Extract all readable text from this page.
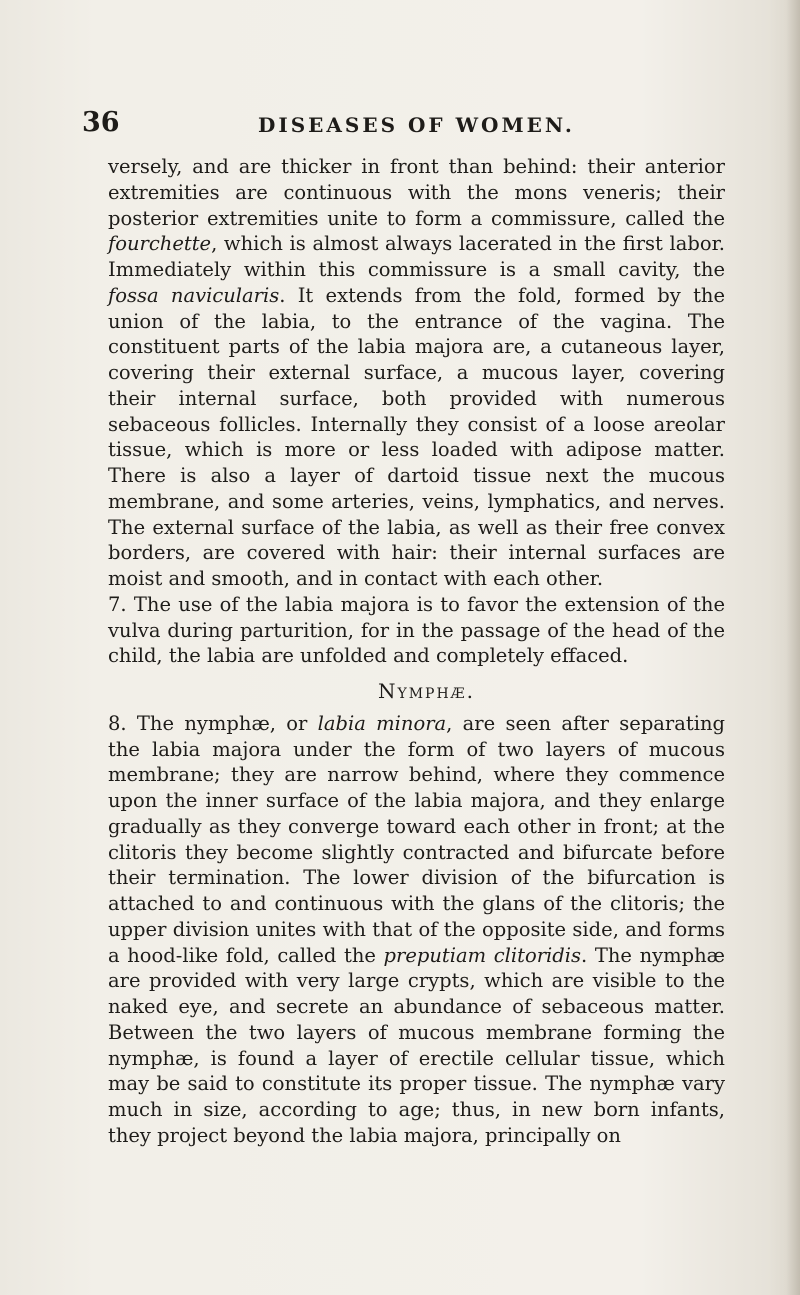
36	DISEASES OF WOMEN.

versely, and are thicker in front than behind: their anterior extremities are continuous with the mons veneris; their posterior extremities unite to form a commissure, called the fourchette, which is almost always lacerated in the first labor. Immediately within this commissure is a small cavity, the fossa navicularis. It extends from the fold, formed by the union of the labia, to the entrance of the vagina. The constituent parts of the labia majora are, a cutaneous layer, covering their external surface, a mucous layer, covering their internal surface, both provided with numerous sebaceous follicles. Internally they consist of a loose areolar tissue, which is more or less loaded with adipose matter. There is also a layer of dartoid tissue next the mucous membrane, and some arteries, veins, lymphatics, and nerves. The external surface of the labia, as well as their free convex borders, are covered with hair: their internal surfaces are moist and smooth, and in contact with each other.

7. The use of the labia majora is to favor the extension of the vulva during parturition, for in the passage of the head of the child, the labia are unfolded and completely effaced.

Nymphæ.

8. The nymphæ, or labia minora, are seen after separating the labia majora under the form of two layers of mucous membrane; they are narrow behind, where they commence upon the inner surface of the labia majora, and they enlarge gradually as they converge toward each other in front; at the clitoris they become slightly contracted and bifurcate before their termination. The lower division of the bifurcation is attached to and continuous with the glans of the clitoris; the upper division unites with that of the opposite side, and forms a hood-like fold, called the preputiam clitoridis. The nymphæ are provided with very large crypts, which are visible to the naked eye, and secrete an abundance of sebaceous matter. Between the two layers of mucous membrane forming the nymphæ, is found a layer of erectile cellular tissue, which may be said to constitute its proper tissue. The nymphæ vary much in size, according to age; thus, in new born infants, they project beyond the labia majora, principally on
